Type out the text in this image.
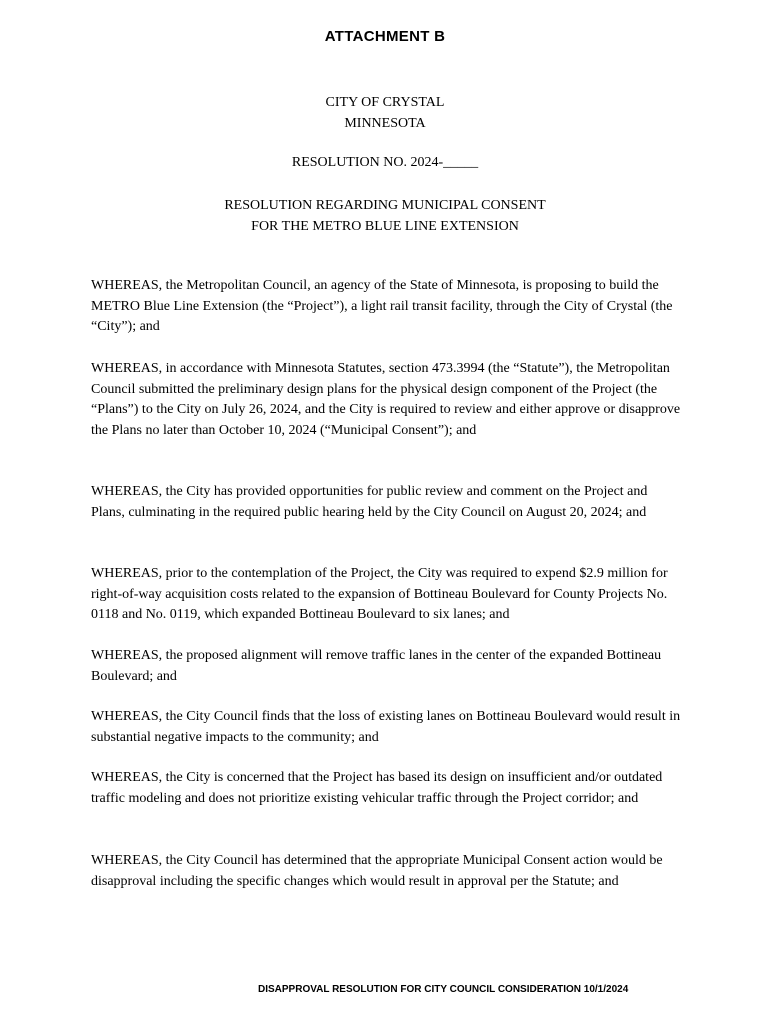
ATTACHMENT B
CITY OF CRYSTAL
MINNESOTA
RESOLUTION NO. 2024-_____
RESOLUTION REGARDING MUNICIPAL CONSENT
FOR THE METRO BLUE LINE EXTENSION

WHEREAS, the Metropolitan Council, an agency of the State of Minnesota, is proposing to build the METRO Blue Line Extension (the “Project”), a light rail transit facility, through the City of Crystal (the “City”); and

WHEREAS, in accordance with Minnesota Statutes, section 473.3994 (the “Statute”), the Metropolitan Council submitted the preliminary design plans for the physical design component of the Project (the “Plans”) to the City on July 26, 2024, and the City is required to review and either approve or disapprove the Plans no later than October 10, 2024 (“Municipal Consent”); and

WHEREAS, the City has provided opportunities for public review and comment on the Project and Plans, culminating in the required public hearing held by the City Council on August 20, 2024; and

WHEREAS, prior to the contemplation of the Project, the City was required to expend $2.9 million for right-of-way acquisition costs related to the expansion of Bottineau Boulevard for County Projects No. 0118 and No. 0119, which expanded Bottineau Boulevard to six lanes; and

WHEREAS, the proposed alignment will remove traffic lanes in the center of the expanded Bottineau Boulevard; and

WHEREAS, the City Council finds that the loss of existing lanes on Bottineau Boulevard would result in substantial negative impacts to the community; and

WHEREAS, the City is concerned that the Project has based its design on insufficient and/or outdated traffic modeling and does not prioritize existing vehicular traffic through the Project corridor; and

WHEREAS, the City Council has determined that the appropriate Municipal Consent action would be disapproval including the specific changes which would result in approval per the Statute; and

DISAPPROVAL RESOLUTION FOR CITY COUNCIL CONSIDERATION 10/1/2024
